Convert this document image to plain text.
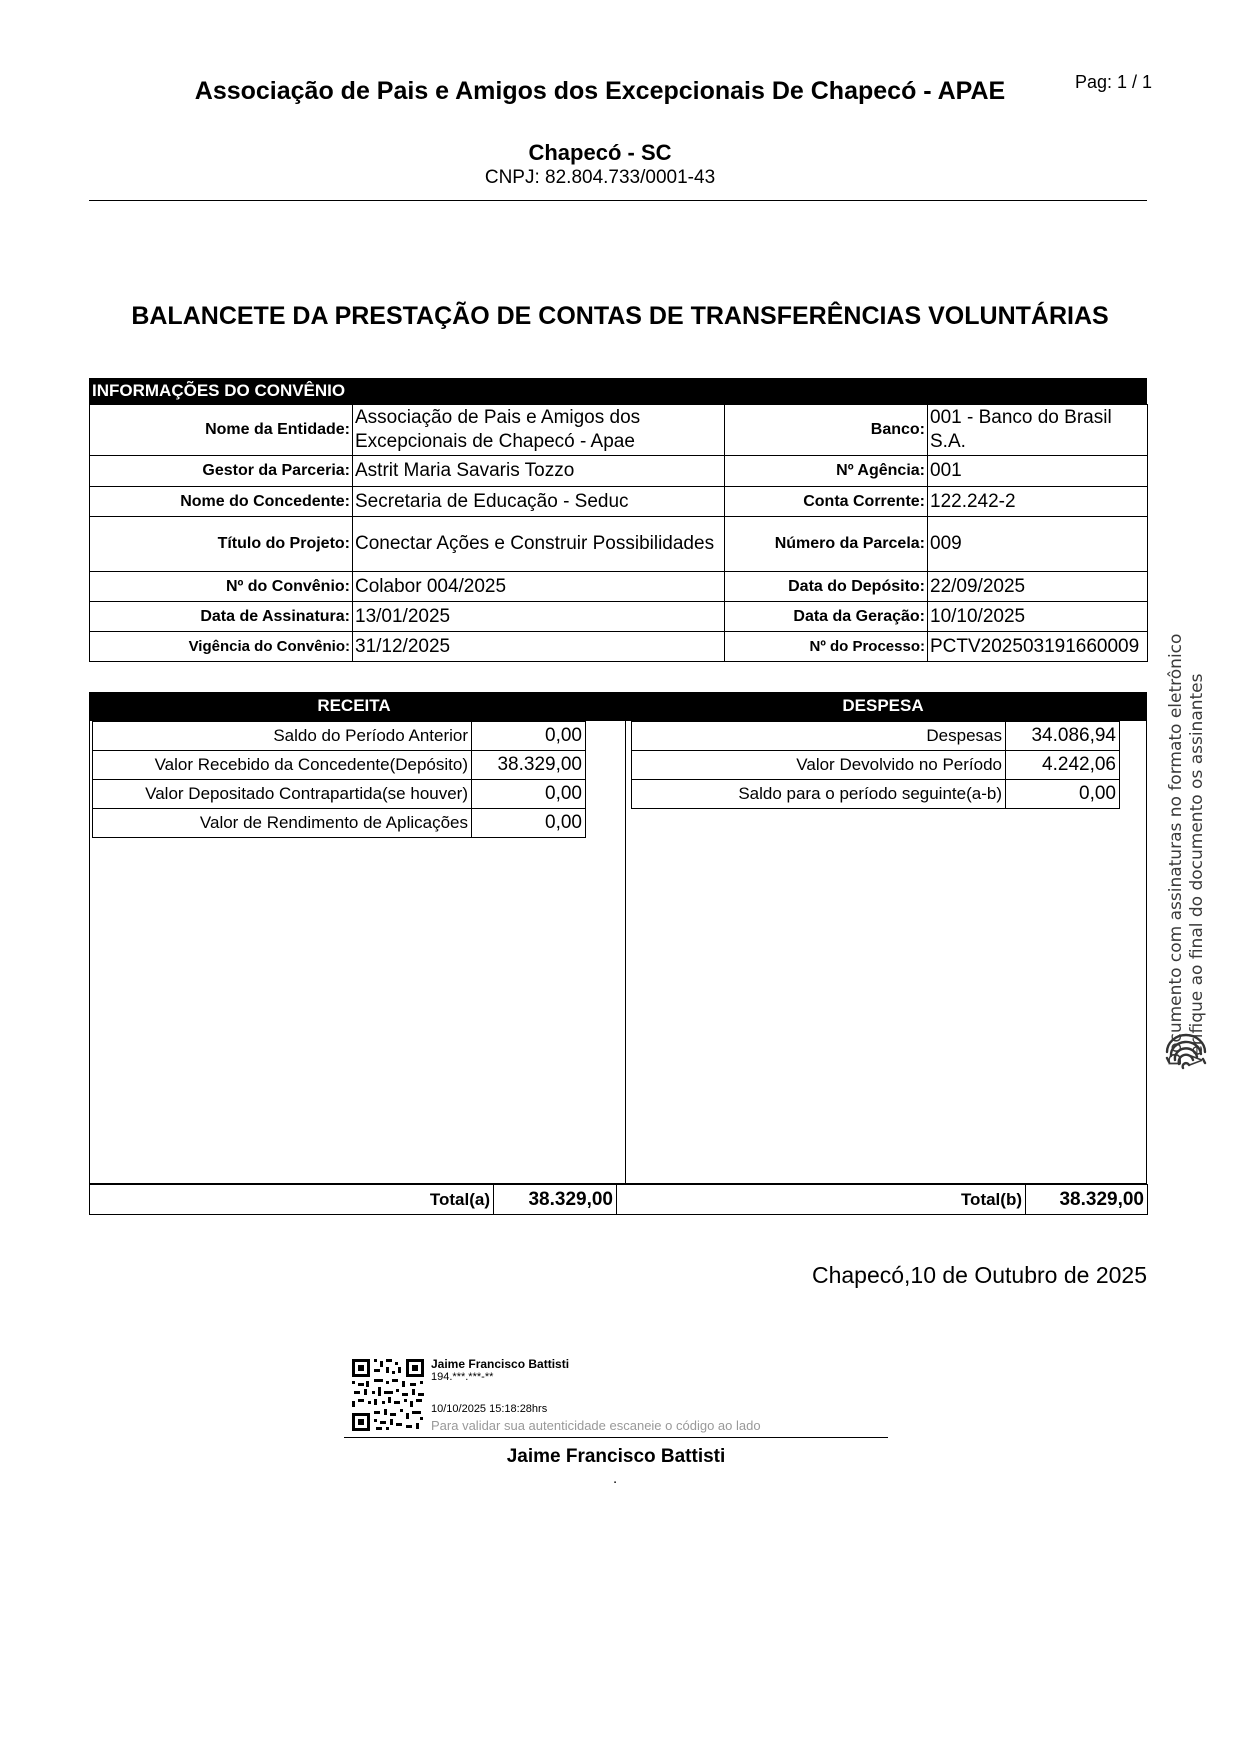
Associação de Pais e Amigos dos Excepcionais De Chapecó - APAE
Chapecó - SC
CNPJ: 82.804.733/0001-43
Pag: 1 / 1
BALANCETE DA PRESTAÇÃO DE CONTAS DE TRANSFERÊNCIAS VOLUNTÁRIAS
INFORMAÇÕES DO CONVÊNIO
Nome da Entidade:	Associação de Pais e Amigos dos Excepcionais de Chapecó - Apae	Banco:	001 - Banco do Brasil S.A.
Gestor da Parceria:	Astrit Maria Savaris Tozzo	Nº Agência:	001
Nome do Concedente:	Secretaria de Educação - Seduc	Conta Corrente:	122.242-2
Título do Projeto:	Conectar Ações e Construir Possibilidades	Número da Parcela:	009
Nº do Convênio:	Colabor 004/2025	Data do Depósito:	22/09/2025
Data de Assinatura:	13/01/2025	Data da Geração:	10/10/2025
Vigência do Convênio:	31/12/2025	Nº do Processo:	PCTV202503191660009
RECEITA	DESPESA
Saldo do Período Anterior	0,00
Valor Recebido da Concedente(Depósito)	38.329,00
Valor Depositado Contrapartida(se houver)	0,00
Valor de Rendimento de Aplicações	0,00
Despesas	34.086,94
Valor Devolvido no Período	4.242,06
Saldo para o período seguinte(a-b)	0,00
Total(a)	38.329,00	Total(b)	38.329,00
Chapecó,10 de Outubro de 2025
Jaime Francisco Battisti
194.***.***-**
10/10/2025 15:18:28hrs
Para validar sua autenticidade escaneie o código ao lado
Jaime Francisco Battisti
.
Documento com assinaturas no formato eletrônico Verifique ao final do documento os assinantes
